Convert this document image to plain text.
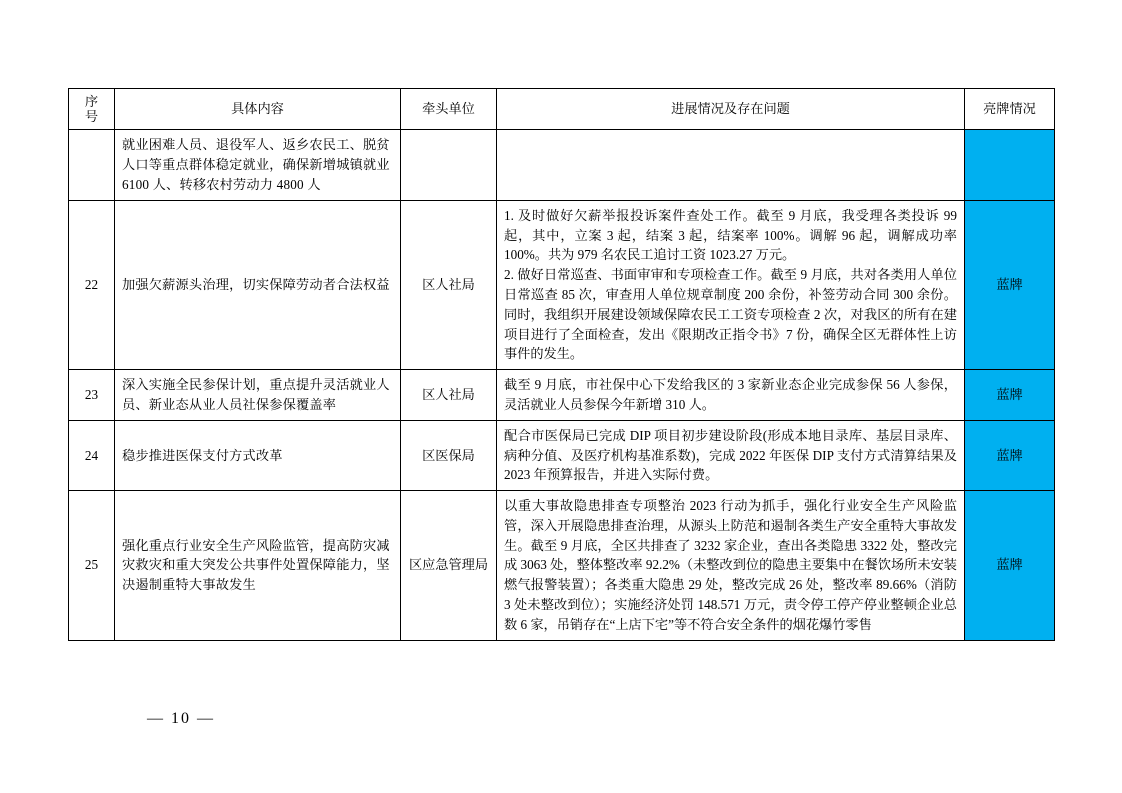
序
号	具体内容	牵头单位	进展情况及存在问题	亮牌情况
	就业困难人员、退役军人、返乡农民工、脱贫人口等重点群体稳定就业，确保新增城镇就业 6100 人、转移农村劳动力 4800 人			
22	加强欠薪源头治理，切实保障劳动者合法权益	区人社局	1. 及时做好欠薪举报投诉案件查处工作。截至 9 月底，我受理各类投诉 99 起，其中，立案 3 起，结案 3 起，结案率 100%。调解 96 起，调解成功率 100%。共为 979 名农民工追讨工资 1023.27 万元。

2. 做好日常巡查、书面审审和专项检查工作。截至 9 月底，共对各类用人单位日常巡查 85 次，审查用人单位规章制度 200 余份，补签劳动合同 300 余份。同时，我组织开展建设领域保障农民工工资专项检查 2 次，对我区的所有在建项目进行了全面检查，发出《限期改正指令书》7 份，确保全区无群体性上访事件的发生。	蓝牌
23	深入实施全民参保计划，重点提升灵活就业人员、新业态从业人员社保参保覆盖率	区人社局	截至 9 月底，市社保中心下发给我区的 3 家新业态企业完成参保 56 人参保，灵活就业人员参保今年新增 310 人。	蓝牌
24	稳步推进医保支付方式改革	区医保局	配合市医保局已完成 DIP 项目初步建设阶段(形成本地目录库、基层目录库、病种分值、及医疗机构基准系数)，完成 2022 年医保 DIP 支付方式清算结果及 2023 年预算报告，并进入实际付费。	蓝牌
25	强化重点行业安全生产风险监管，提高防灾减灾救灾和重大突发公共事件处置保障能力，坚决遏制重特大事故发生	区应急管理局	以重大事故隐患排查专项整治 2023 行动为抓手，强化行业安全生产风险监管，深入开展隐患排查治理，从源头上防范和遏制各类生产安全重特大事故发生。截至 9 月底，全区共排查了 3232 家企业，查出各类隐患 3322 处，整改完成 3063 处，整体整改率 92.2%（未整改到位的隐患主要集中在餐饮场所未安装燃气报警装置）；各类重大隐患 29 处，整改完成 26 处，整改率 89.66%（消防 3 处未整改到位）；实施经济处罚 148.571 万元，责令停工停产停业整顿企业总数 6 家，吊销存在“上店下宅”等不符合安全条件的烟花爆竹零售	蓝牌
— 10 —
